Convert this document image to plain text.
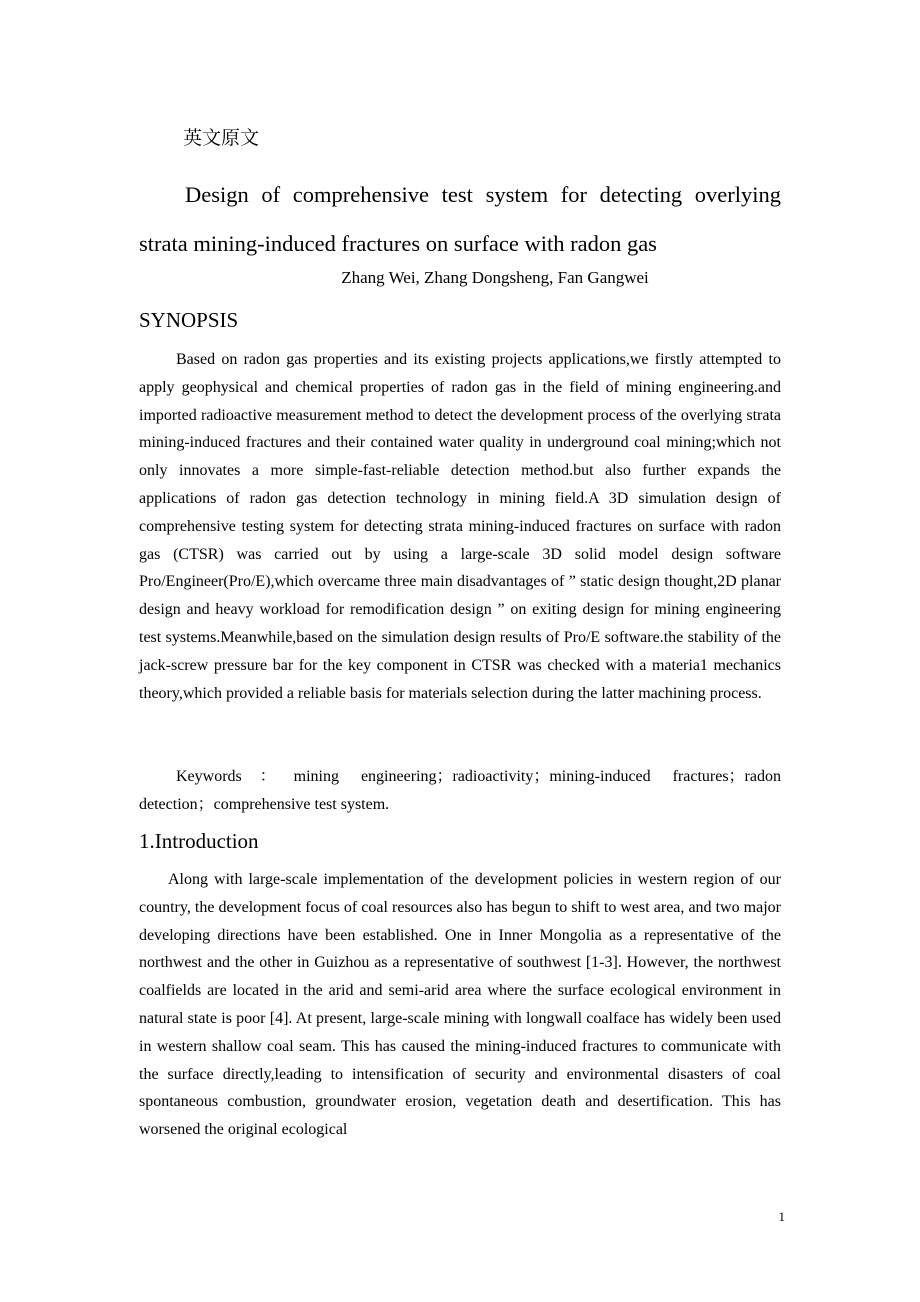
英文原文
Design of comprehensive test system for detecting overlying strata mining-induced fractures on surface with radon gas

Zhang Wei, Zhang Dongsheng, Fan Gangwei

SYNOPSIS

Based on radon gas properties and its existing projects applications,we firstly attempted to apply geophysical and chemical properties of radon gas in the field of mining engineering.and imported radioactive measurement method to detect the development process of the overlying strata mining-induced fractures and their contained water quality in underground coal mining;which not only innovates a more simple-fast-reliable detection method.but also further expands the applications of radon gas detection technology in mining field.A 3D simulation design of comprehensive testing system for detecting strata mining-induced fractures on surface with radon gas (CTSR) was carried out by using a large-scale 3D solid model design software Pro/Engineer(Pro/E),which overcame three main disadvantages of ” static design thought,2D planar design and heavy workload for remodification design ” on exiting design for mining engineering test systems.Meanwhile,based on the simulation design results of Pro/E software.the stability of the jack-screw pressure bar for the key component in CTSR was checked with a materia1 mechanics theory,which provided a reliable basis for materials selection during the latter machining process.

Keywords：mining engineering；radioactivity；mining-induced fractures；radon detection；comprehensive test system.

1.Introduction

Along with large-scale implementation of the development policies in western region of our country, the development focus of coal resources also has begun to shift to west area, and two major developing directions have been established. One in Inner Mongolia as a representative of the northwest and the other in Guizhou as a representative of southwest [1-3]. However, the northwest coalfields are located in the arid and semi-arid area where the surface ecological environment in natural state is poor [4]. At present, large-scale mining with longwall coalface has widely been used in western shallow coal seam. This has caused the mining-induced fractures to communicate with the surface directly,leading to intensification of security and environmental disasters of coal spontaneous combustion, groundwater erosion, vegetation death and desertification. This has worsened the original ecological

1
